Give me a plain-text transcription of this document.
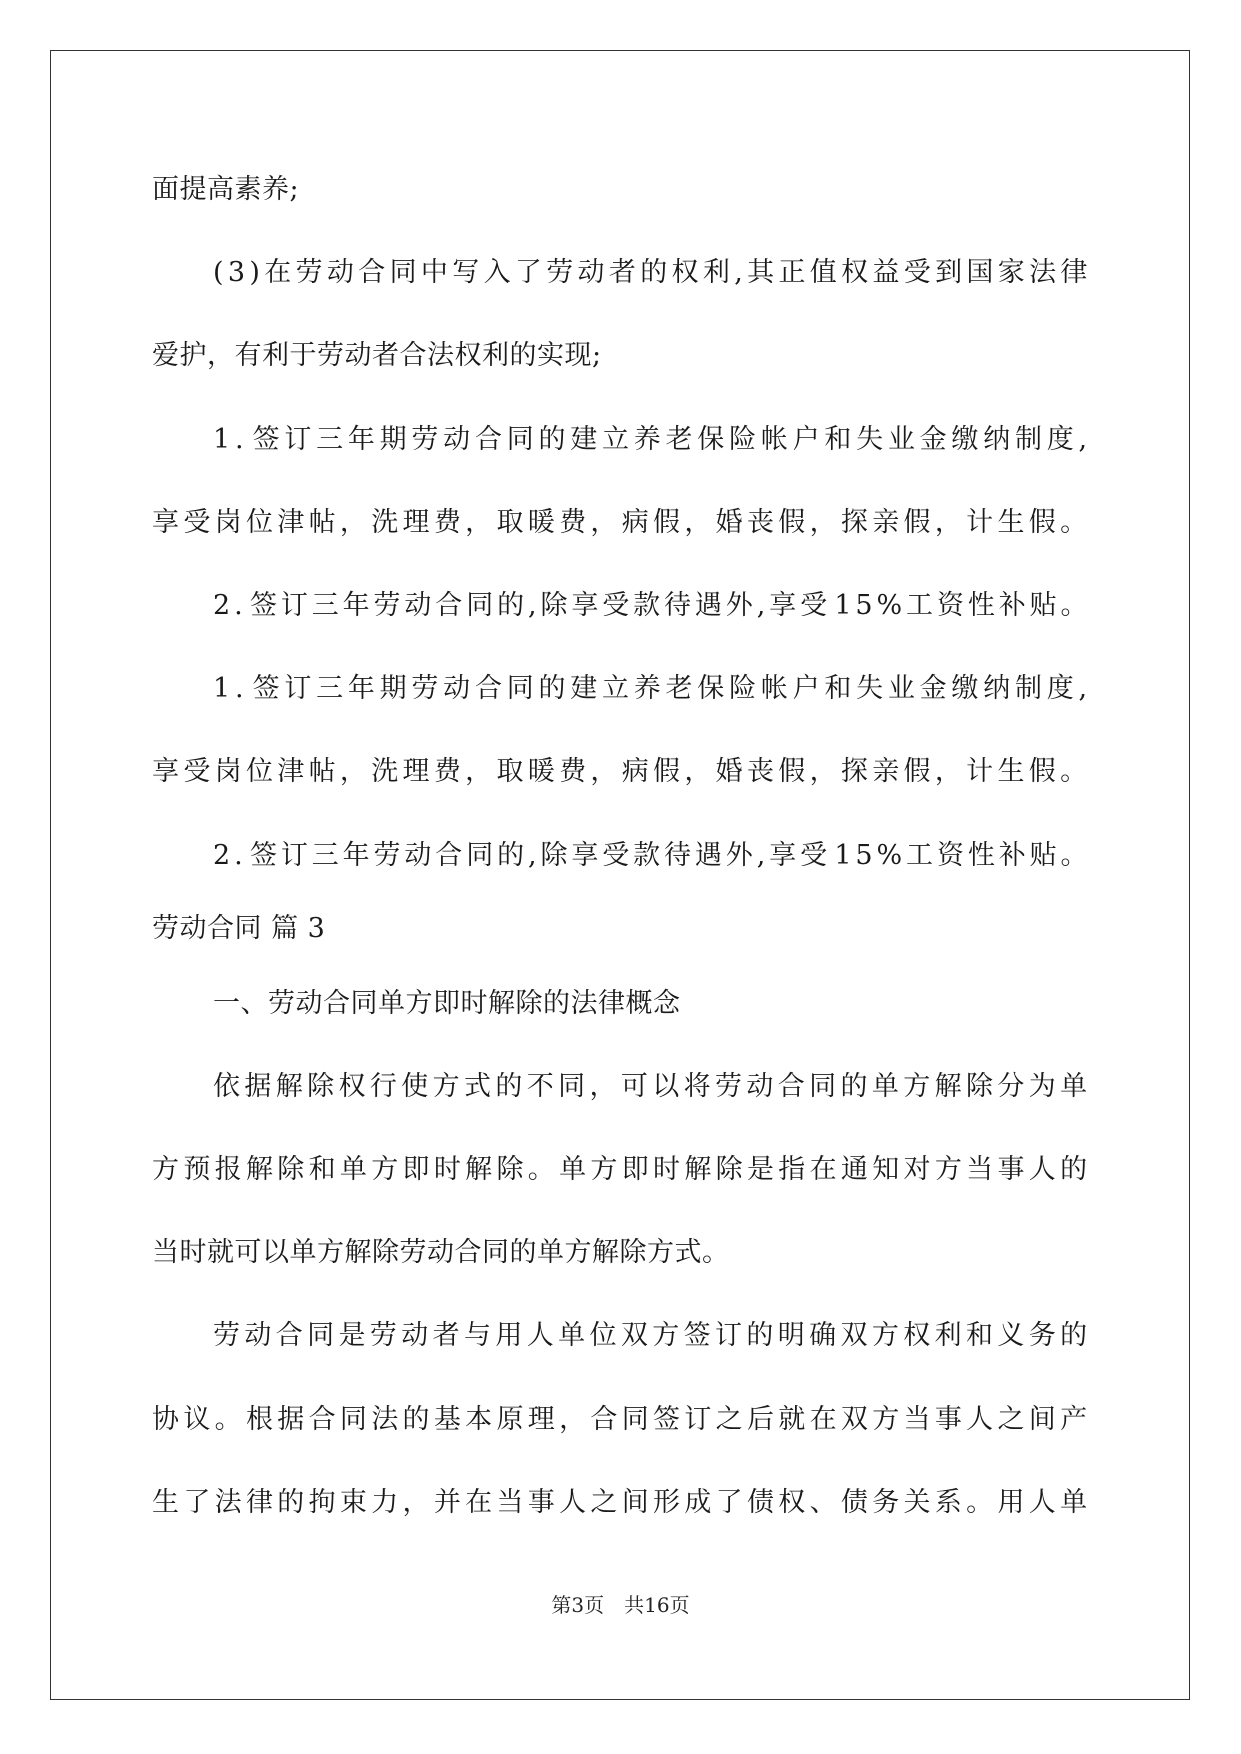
面提高素养;
( 3 ) 在 劳 动 合 同 中 写 入 了 劳 动 者 的 权 利 , 其 正 值 权 益 受 到 国 家 法 律
爱护，有利于劳动者合法权利的实现;
1 . 签 订 三 年 期 劳 动 合 同 的 建 立 养 老 保 险 帐 户 和 失 业 金 缴 纳 制 度 ,
享 受 岗 位 津 帖 ， 洗 理 费 ， 取 暖 费 ， 病 假 ， 婚 丧 假 ， 探 亲 假 ， 计 生 假 。
2 . 签 订 三 年 劳 动 合 同 的 , 除 享 受 款 待 遇 外 , 享 受 1 5 % 工 资 性 补 贴 。
1 . 签 订 三 年 期 劳 动 合 同 的 建 立 养 老 保 险 帐 户 和 失 业 金 缴 纳 制 度 ,
享 受 岗 位 津 帖 ， 洗 理 费 ， 取 暖 费 ， 病 假 ， 婚 丧 假 ， 探 亲 假 ， 计 生 假 。
2 . 签 订 三 年 劳 动 合 同 的 , 除 享 受 款 待 遇 外 , 享 受 1 5 % 工 资 性 补 贴 。
劳动合同 篇 3
一、劳动合同单方即时解除的法律概念
依 据 解 除 权 行 使 方 式 的 不 同 ， 可 以 将 劳 动 合 同 的 单 方 解 除 分 为 单
方 预 报 解 除 和 单 方 即 时 解 除 。 单 方 即 时 解 除 是 指 在 通 知 对 方 当 事 人 的
当时就可以单方解除劳动合同的单方解除方式。
劳 动 合 同 是 劳 动 者 与 用 人 单 位 双 方 签 订 的 明 确 双 方 权 利 和 义 务 的
协 议 。 根 据 合 同 法 的 基 本 原 理 ， 合 同 签 订 之 后 就 在 双 方 当 事 人 之 间 产
生 了 法 律 的 拘 束 力 ， 并 在 当 事 人 之 间 形 成 了 债 权 、 债 务 关 系 。 用 人 单
第3页　共16页
